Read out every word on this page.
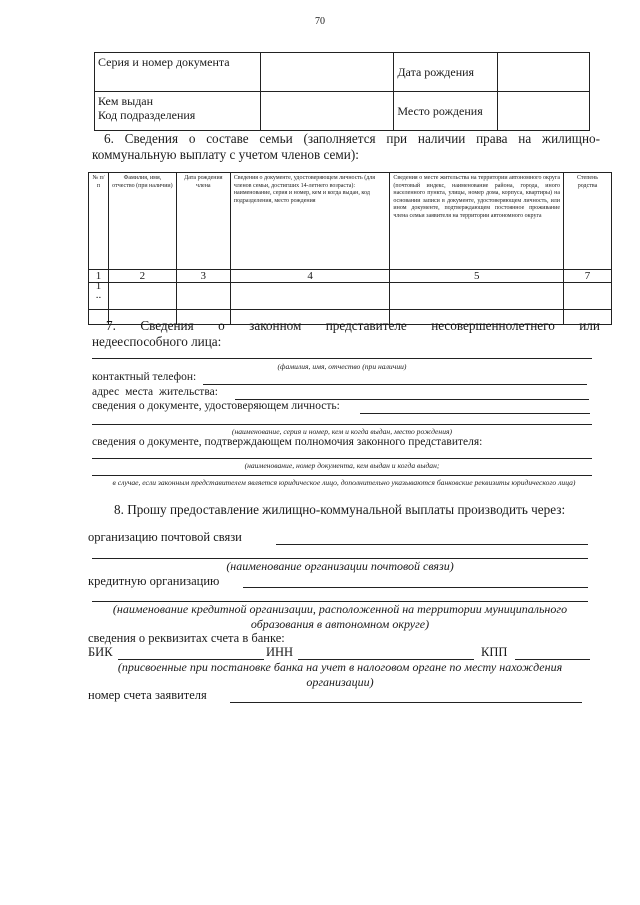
70
Серия и номер документа		Дата рождения	

Кем выдан
Код подразделения		Место рождения	
6. Сведения о составе семьи (заполняется при наличии права на жилищно-коммунальную выплату с учетом членов семи):
№ п/ п	Фамилия, имя, отчество (при наличии)	Дата рождения члена	Сведения о документе, удостоверяющем личность (для членов семьи, достигших 14-летнего возраста): наименование, серия и номер, кем и когда выдан, код подразделения, место рождения	Сведения о месте жительства на территории автономного округа (почтовый индекс, наименование района, города, иного населенного пункта, улицы, номер дома, корпуса, квартиры) на основании записи в документе, удостоверяющем личность, или ином документе, подтверждающем постоянное проживание члена семьи заявителя на территории автономного округа	Степень родства
1	2	3	4	5	7

1
..					

7. Сведения о законном представителе несовершеннолетнего или
недееспособного лица:
(фамилия, имя, отчество (при наличии)
контактный телефон:
адрес места жительства:
сведения о документе, удостоверяющем личность:
(наименование, серия и номер, кем и когда выдан, место рождения)
сведения о документе, подтверждающем полномочия законного представителя:
(наименование, номер документа, кем выдан и когда выдан;
в случае, если законным представителем является юридическое лицо, дополнительно указываются банковские реквизиты юридического лица)
8. Прошу предоставление жилищно-коммунальной выплаты производить через:
организацию почтовой связи
(наименование организации почтовой связи)
кредитную организацию
(наименование кредитной организации, расположенной на территории муниципального образования в автономном округе)
сведения о реквизитах счета в банке:
БИК	ИНН	КПП
(присвоенные при постановке банка на учет в налоговом органе по месту нахождения организации)
номер счета заявителя
